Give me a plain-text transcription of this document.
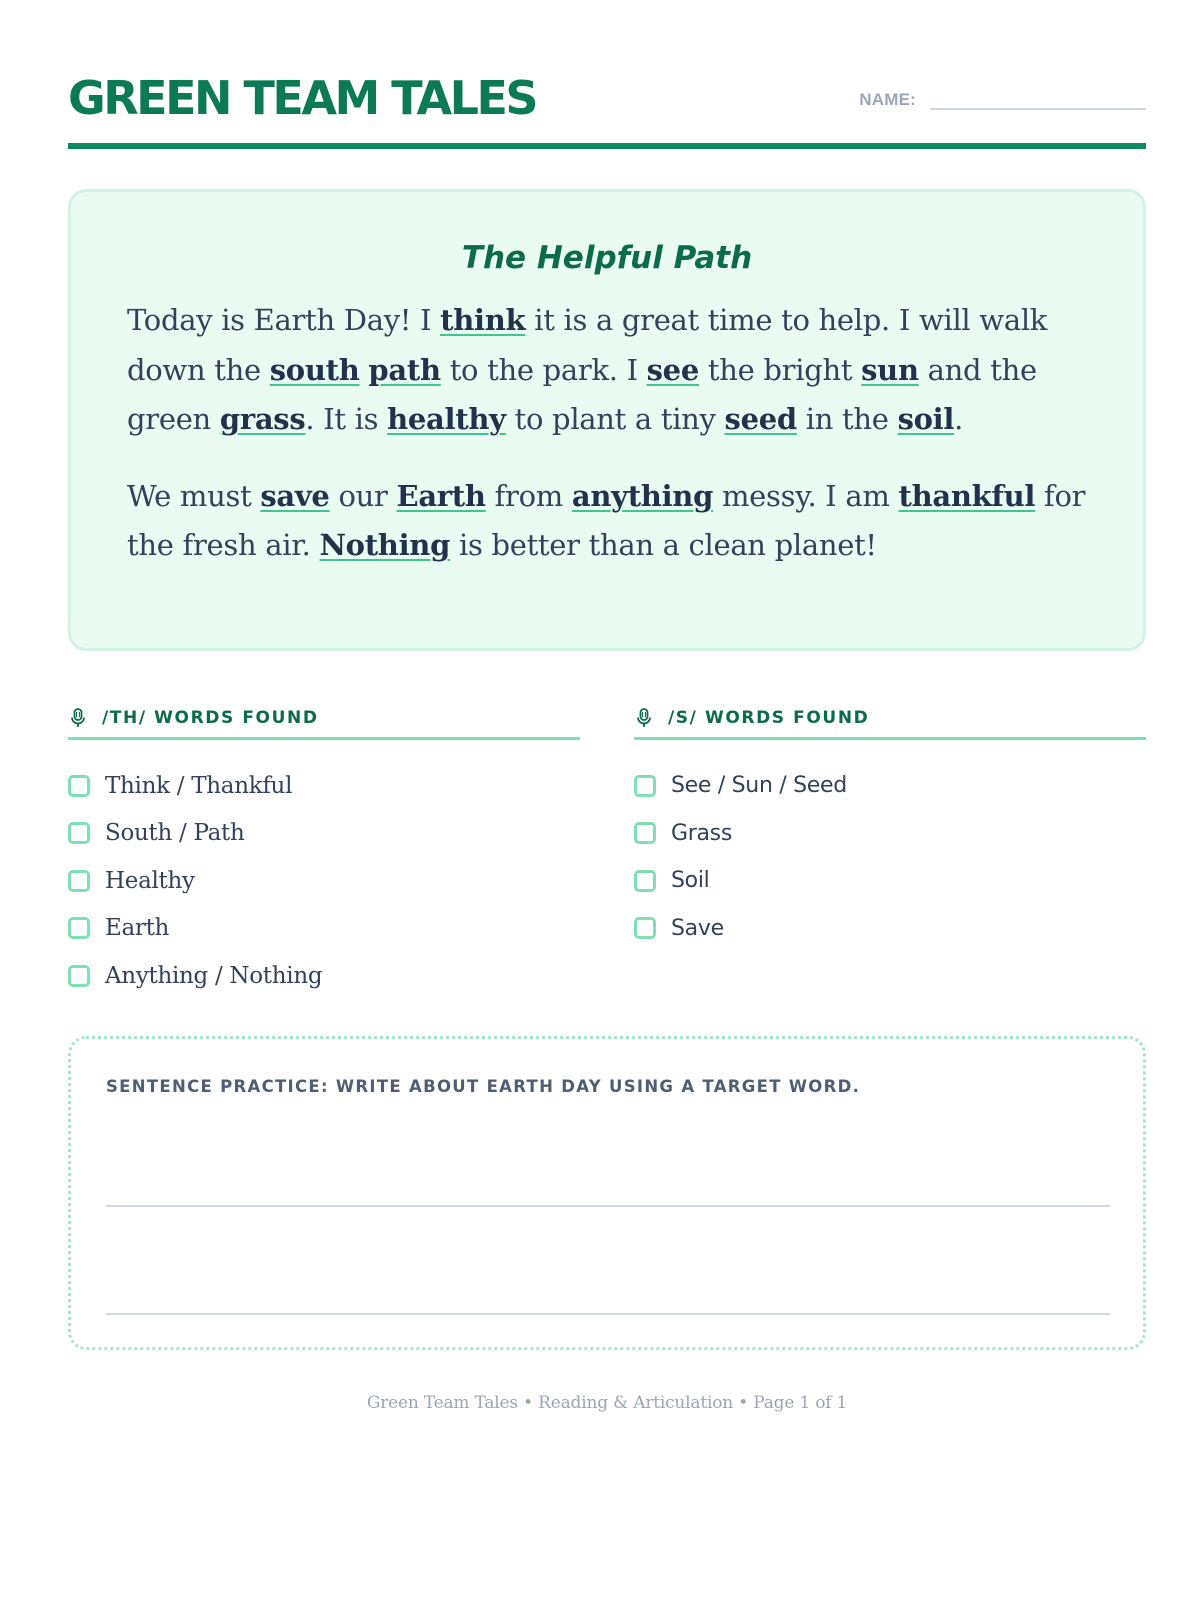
GREEN TEAM TALES	NAME:
The Helpful Path

Today is Earth Day! I think it is a great time to help. I will walk down the south path to the park. I see the bright sun and the green grass. It is healthy to plant a tiny seed in the soil.

We must save our Earth from anything messy. I am thankful for the fresh air. Nothing is better than a clean planet!

/TH/ WORDS FOUND
Think / Thankful
South / Path
Healthy
Earth
Anything / Nothing
/S/ WORDS FOUND
See / Sun / Seed
Grass
Soil
Save
SENTENCE PRACTICE: WRITE ABOUT EARTH DAY USING A TARGET WORD.
Green Team Tales • Reading & Articulation • Page 1 of 1
